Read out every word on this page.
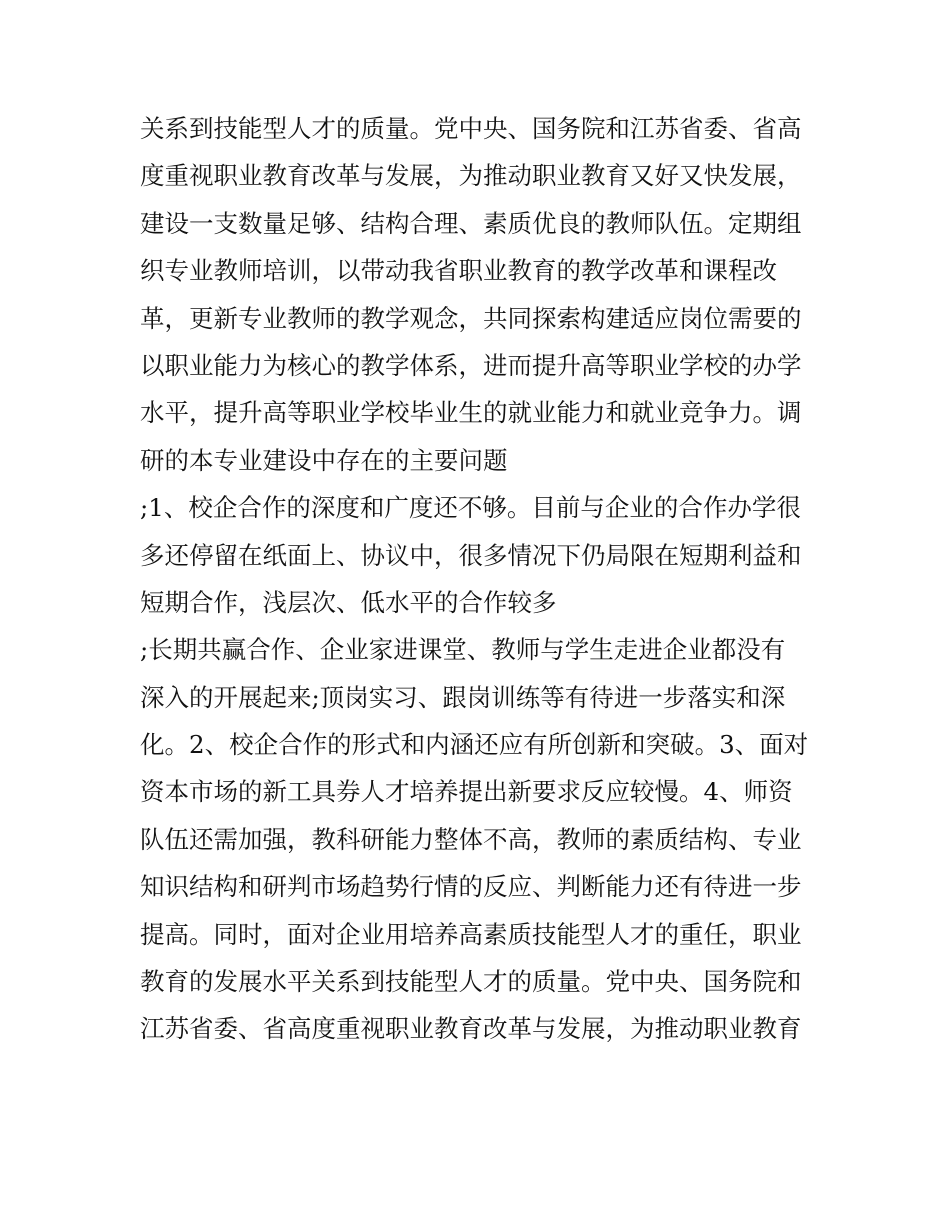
关系到技能型人才的质量。党中央、国务院和江苏省委、省高
度重视职业教育改革与发展，为推动职业教育又好又快发展，
建设一支数量足够、结构合理、素质优良的教师队伍。定期组
织专业教师培训，以带动我省职业教育的教学改革和课程改
革，更新专业教师的教学观念，共同探索构建适应岗位需要的
以职业能力为核心的教学体系，进而提升高等职业学校的办学
水平，提升高等职业学校毕业生的就业能力和就业竞争力。调
研的本专业建设中存在的主要问题
;1、校企合作的深度和广度还不够。目前与企业的合作办学很
多还停留在纸面上、协议中，很多情况下仍局限在短期利益和
短期合作，浅层次、低水平的合作较多
;长期共赢合作、企业家进课堂、教师与学生走进企业都没有
深入的开展起来;顶岗实习、跟岗训练等有待进一步落实和深
化。2、校企合作的形式和内涵还应有所创新和突破。3、面对
资本市场的新工具券人才培养提出新要求反应较慢。4、师资
队伍还需加强，教科研能力整体不高，教师的素质结构、专业
知识结构和研判市场趋势行情的反应、判断能力还有待进一步
提高。同时，面对企业用培养高素质技能型人才的重任，职业
教育的发展水平关系到技能型人才的质量。党中央、国务院和
江苏省委、省高度重视职业教育改革与发展，为推动职业教育
